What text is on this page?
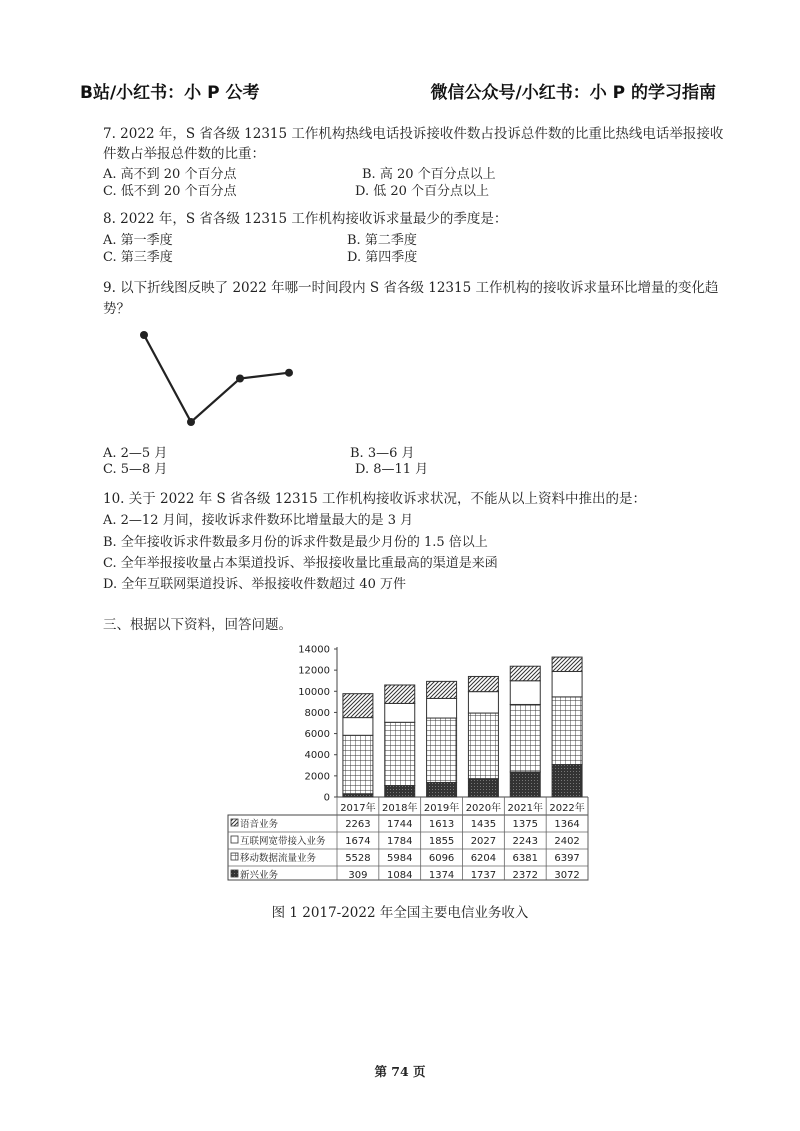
B站/小红书：小 P 公考	微信公众号/小红书：小 P 的学习指南
7. 2022 年，S 省各级 12315 工作机构热线电话投诉接收件数占投诉总件数的比重比热线电话举报接收
件数占举报总件数的比重：
A. 高不到 20 个百分点	B. 高 20 个百分点以上
C. 低不到 20 个百分点	D. 低 20 个百分点以上
8. 2022 年，S 省各级 12315 工作机构接收诉求量最少的季度是：
A. 第一季度	B. 第二季度
C. 第三季度	D. 第四季度
9. 以下折线图反映了 2022 年哪一时间段内 S 省各级 12315 工作机构的接收诉求量环比增量的变化趋
势？
A. 2—5 月	B. 3—6 月
C. 5—8 月	D. 8—11 月
10. 关于 2022 年 S 省各级 12315 工作机构接收诉求状况，不能从以上资料中推出的是：
A. 2—12 月间，接收诉求件数环比增量最大的是 3 月
B. 全年接收诉求件数最多月份的诉求件数是最少月份的 1.5 倍以上
C. 全年举报接收量占本渠道投诉、举报接收量比重最高的渠道是来函
D. 全年互联网渠道投诉、举报接收件数超过 40 万件
三、根据以下资料，回答问题。
0
2000
4000
6000
8000
10000
12000
14000
2017年 2018年 2019年 2020年 2021年 2022年
语音业务	2263 1744 1613 1435 1375 1364
互联网宽带接入业务 1674 1784 1855 2027 2243 2402
移动数据流量业务	5528 5984 6096 6204 6381 6397
新兴业务	309 1084 1374 1737 2372 3072
图 1 2017-2022 年全国主要电信业务收入
第 74 页
